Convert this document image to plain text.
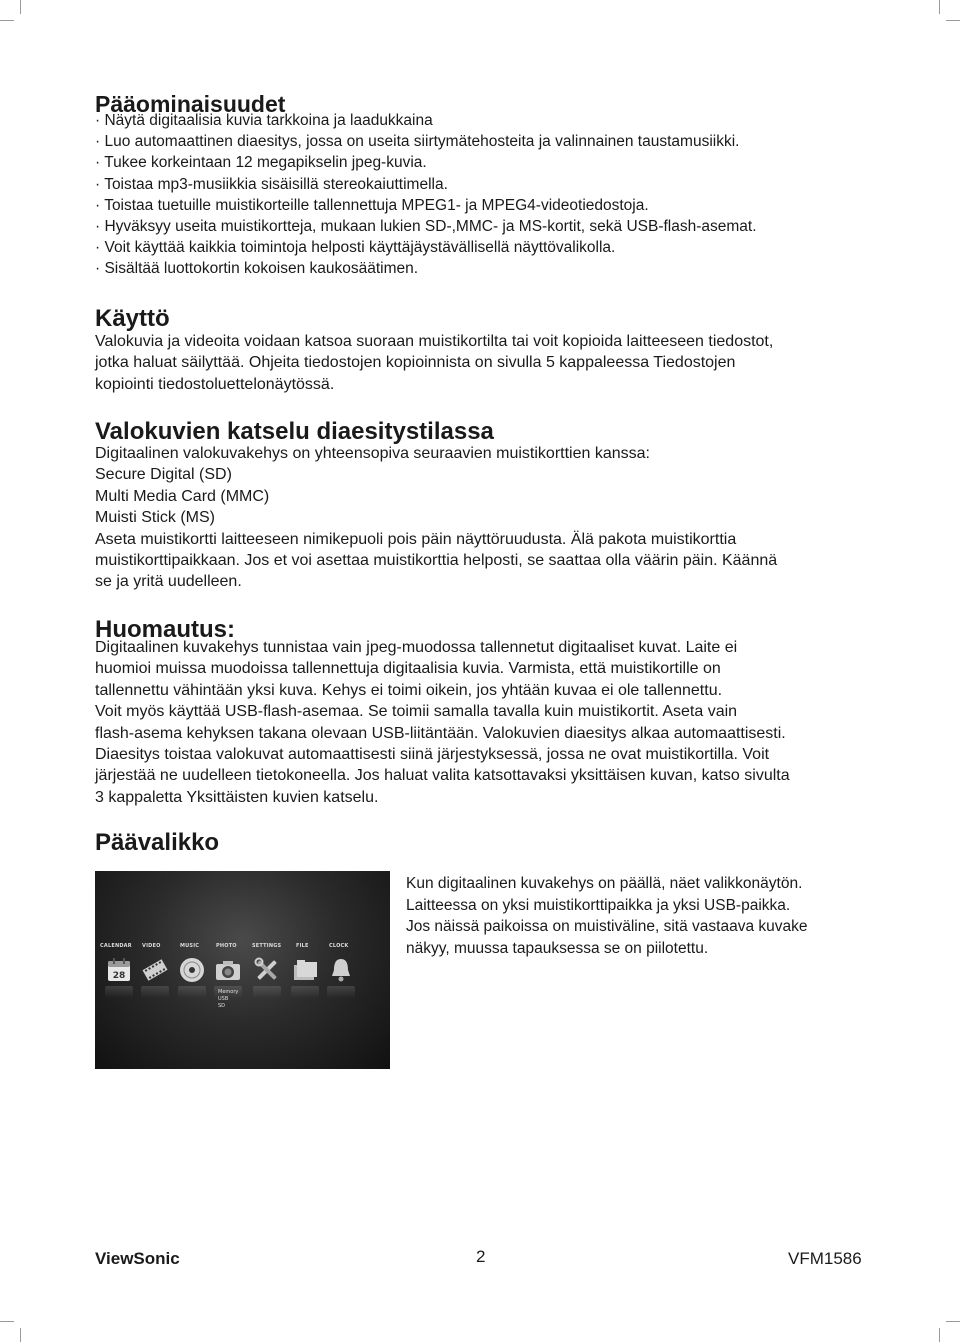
Pääominaisuudet
· Näytä digitaalisia kuvia tarkkoina ja laadukkaina
· Luo automaattinen diaesitys, jossa on useita siirtymätehosteita ja valinnainen taustamusiikki.
· Tukee korkeintaan 12 megapikselin jpeg-kuvia.
· Toistaa mp3-musiikkia sisäisillä stereokaiuttimella.
· Toistaa tuetuille muistikorteille tallennettuja MPEG1- ja MPEG4-videotiedostoja.
· Hyväksyy useita muistikortteja, mukaan lukien SD-,MMC- ja MS-kortit, sekä USB-flash-asemat.
· Voit käyttää kaikkia toimintoja helposti käyttäjäystävällisellä näyttövalikolla.
· Sisältää luottokortin kokoisen kaukosäätimen.
Käyttö
Valokuvia ja videoita voidaan katsoa suoraan muistikortilta tai voit kopioida laitteeseen tiedostot,
jotka haluat säilyttää. Ohjeita tiedostojen kopioinnista on sivulla 5 kappaleessa Tiedostojen
kopiointi tiedostoluettelonäytössä.
Valokuvien katselu diaesitystilassa
Digitaalinen valokuvakehys on yhteensopiva seuraavien muistikorttien kanssa:
Secure Digital (SD)
Multi Media Card (MMC)
Muisti Stick (MS)
Aseta muistikortti laitteeseen nimikepuoli pois päin näyttöruudusta. Älä pakota muistikorttia
muistikorttipaikkaan. Jos et voi asettaa muistikorttia helposti, se saattaa olla väärin päin. Käännä
se ja yritä uudelleen.
Huomautus:
Digitaalinen kuvakehys tunnistaa vain jpeg-muodossa tallennetut digitaaliset kuvat. Laite ei
huomioi muissa muodoissa tallennettuja digitaalisia kuvia. Varmista, että muistikortille on
tallennettu vähintään yksi kuva. Kehys ei toimi oikein, jos yhtään kuvaa ei ole tallennettu.
Voit myös käyttää USB-flash-asemaa. Se toimii samalla tavalla kuin muistikortit. Aseta vain
flash-asema kehyksen takana olevaan USB-liitäntään. Valokuvien diaesitys alkaa automaattisesti.
Diaesitys toistaa valokuvat automaattisesti siinä järjestyksessä, jossa ne ovat muistikortilla. Voit
järjestää ne uudelleen tietokoneella. Jos haluat valita katsottavaksi yksittäisen kuvan, katso sivulta
3 kappaletta Yksittäisten kuvien katselu.
Päävalikko
CALENDAR VIDEO	MUSIC	PHOTO	SETTINGS	FILE	CLOCK
28
Memory
USB
SD
Kun digitaalinen kuvakehys on päällä, näet valikkonäytön.
Laitteessa on yksi muistikorttipaikka ja yksi USB-paikka.
Jos näissä paikoissa on muistiväline, sitä vastaava kuvake
näkyy, muussa tapauksessa se on piilotettu.
ViewSonic	2	VFM1586
